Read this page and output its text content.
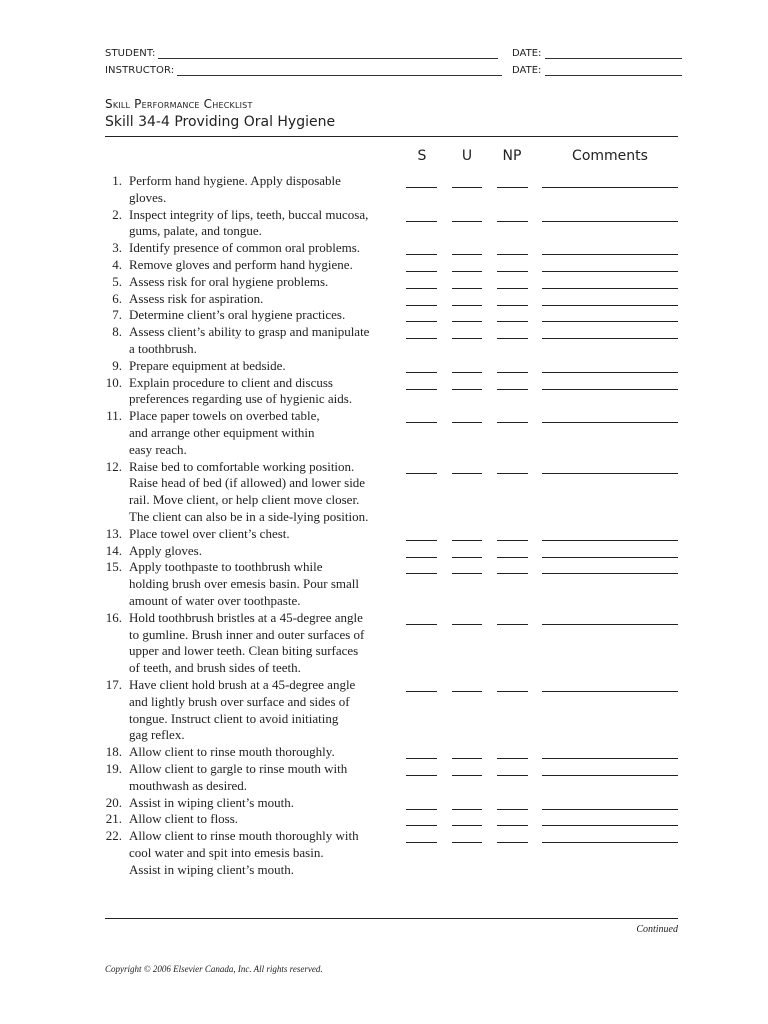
STUDENT:	DATE:
INSTRUCTOR:	DATE:
Skill Performance Checklist
Skill 34-4 Providing Oral Hygiene
S	U	NP	Comments
1. Perform hand hygiene. Apply disposable
gloves.
2. Inspect integrity of lips, teeth, buccal mucosa,
gums, palate, and tongue.
3. Identify presence of common oral problems.
4. Remove gloves and perform hand hygiene.
5. Assess risk for oral hygiene problems.
6. Assess risk for aspiration.
7. Determine client’s oral hygiene practices.
8. Assess client’s ability to grasp and manipulate
a toothbrush.
9. Prepare equipment at bedside.
10. Explain procedure to client and discuss
preferences regarding use of hygienic aids.
11. Place paper towels on overbed table,
and arrange other equipment within
easy reach.
12. Raise bed to comfortable working position.
Raise head of bed (if allowed) and lower side
rail. Move client, or help client move closer.
The client can also be in a side-lying position.
13. Place towel over client’s chest.
14. Apply gloves.
15. Apply toothpaste to toothbrush while
holding brush over emesis basin. Pour small
amount of water over toothpaste.
16. Hold toothbrush bristles at a 45-degree angle
to gumline. Brush inner and outer surfaces of
upper and lower teeth. Clean biting surfaces
of teeth, and brush sides of teeth.
17. Have client hold brush at a 45-degree angle
and lightly brush over surface and sides of
tongue. Instruct client to avoid initiating
gag reflex.
18. Allow client to rinse mouth thoroughly.
19. Allow client to gargle to rinse mouth with
mouthwash as desired.
20. Assist in wiping client’s mouth.
21. Allow client to floss.
22. Allow client to rinse mouth thoroughly with
cool water and spit into emesis basin.
Assist in wiping client’s mouth.
Continued
Copyright © 2006 Elsevier Canada, Inc. All rights reserved.
